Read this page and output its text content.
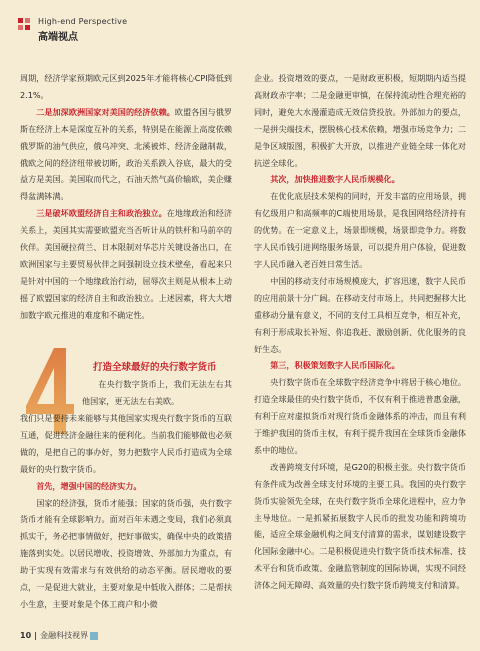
High-end Perspective
高端视点

周期，经济学家预期欧元区到2025年才能将核心CPI降低到2.1%。

二是加深欧洲国家对美国的经济依赖。欧盟各国与俄罗斯在经济上本是深度互补的关系，特别是在能源上高度依赖俄罗斯的油气供应，俄乌冲突、北溪被炸、经济金融制裁，俄欧之间的经济纽带被切断，政治关系跌入谷底，最大的受益方是美国。美国取而代之，石油天然气高价输欧，美企赚得盆满钵满。

三是破坏欧盟经济自主和政治独立。在地缘政治和经济关系上，美国其实需要欧盟充当否听计从的铁杆和马前卒的伙伴。美国硬拉荷兰、日本限制对华芯片关键设备出口，在欧洲国家与主要贸易伙伴之间强制设立技术壁垒，看起来只是针对中国的一个地缘政治行动，屈辱次主则是从根本上动摇了欧盟国家的经济自主和政治独立。上述因素，将大大增加数字欧元推进的难度和不确定性。

打造全球最好的央行数字货币

在央行数字货币上，我们无法左右其他国家，更无法左右美欧。

我们只是要持未来能够与其他国家实现央行数字货币的互联互通，促进经济金融往来的便利化。当前我们能够做也必须做的，是把自己的事办好，努力把数字人民币打造成为全球最好的央行数字货币。

首先，增强中国的经济实力。

国家的经济强，货币才能强；国家的货币强，央行数字货币才能有全球影响力。面对百年未遇之变局，我们必须真抓实干，务必把事情做好，把好事做实，确保中央的政策措施落到实处。以居民增收、投资增效、外部加力为重点，有助于实现有效需求与有效供给的动态平衡。居民增收的要点，一是促进大就业，主要对象是中低收入群体；二是帮扶小生意，主要对象是个体工商户和小微

企业。投资增效的要点，一是财政更积极，短期期内适当提高财政赤字率；二是金融更审慎，在保持流动性合理充裕的同时，避免大水漫灌造成无效信贷投放。外部加力的要点，一是拼尖端技术，摆脱核心技术依赖，增强市场竞争力；二是争区域版图，积极扩大开放，以推进产业链全球一体化对抗逆全球化。

其次，加快推进数字人民币规模化。

在优化底层技术架构的同时，开发丰富的应用场景，拥有亿级用户和高频率的C端使用场景，是我国网络经济持有的优势。在一定意义上，场景即规模，场景即竞争力。将数字人民币钱引进网络服务场景，可以提升用户体验，促进数字人民币融入老百姓日常生活。

中国的移动支付市场规模庞大，扩容迅速，数字人民币的应用前景十分广阔。在移动支付市场上，共同把握移大比重移动分量有意义，不同的支付工具相互竞争，相互补充，有利于形成取长补短、你追我赶、激励创新、优化服务的良好生态。

第三，积极策划数字人民币国际化。

央行数字货币在全球数字经济竞争中将居于核心地位。打造全球最佳的央行数字货币，不仅有利于推进普惠金融，有利于应对虚拟货币对现行货币金融体系的冲击，而且有利于维护我国的货币主权，有利于提升我国在全球货币金融体系中的地位。

改善跨境支付环境，是G20的积极主张。央行数字货币有条件成为改善全球支付环境的主要工具。我国的央行数字货币实验领先全球，在央行数字货币全球化进程中，应力争主导地位。一是抓紧拓展数字人民币的批发功能和跨境功能，适应全球金融机构之间支付清算的需求，谋划建设数字化国际金融中心。二是积极促进央行数字货币技术标准、技术平台和货币政策、金融监管制度的国际协调，实现不同经济体之间无障碍、高效量的央行数字货币跨境支付和清算。

10 金融科技视界
